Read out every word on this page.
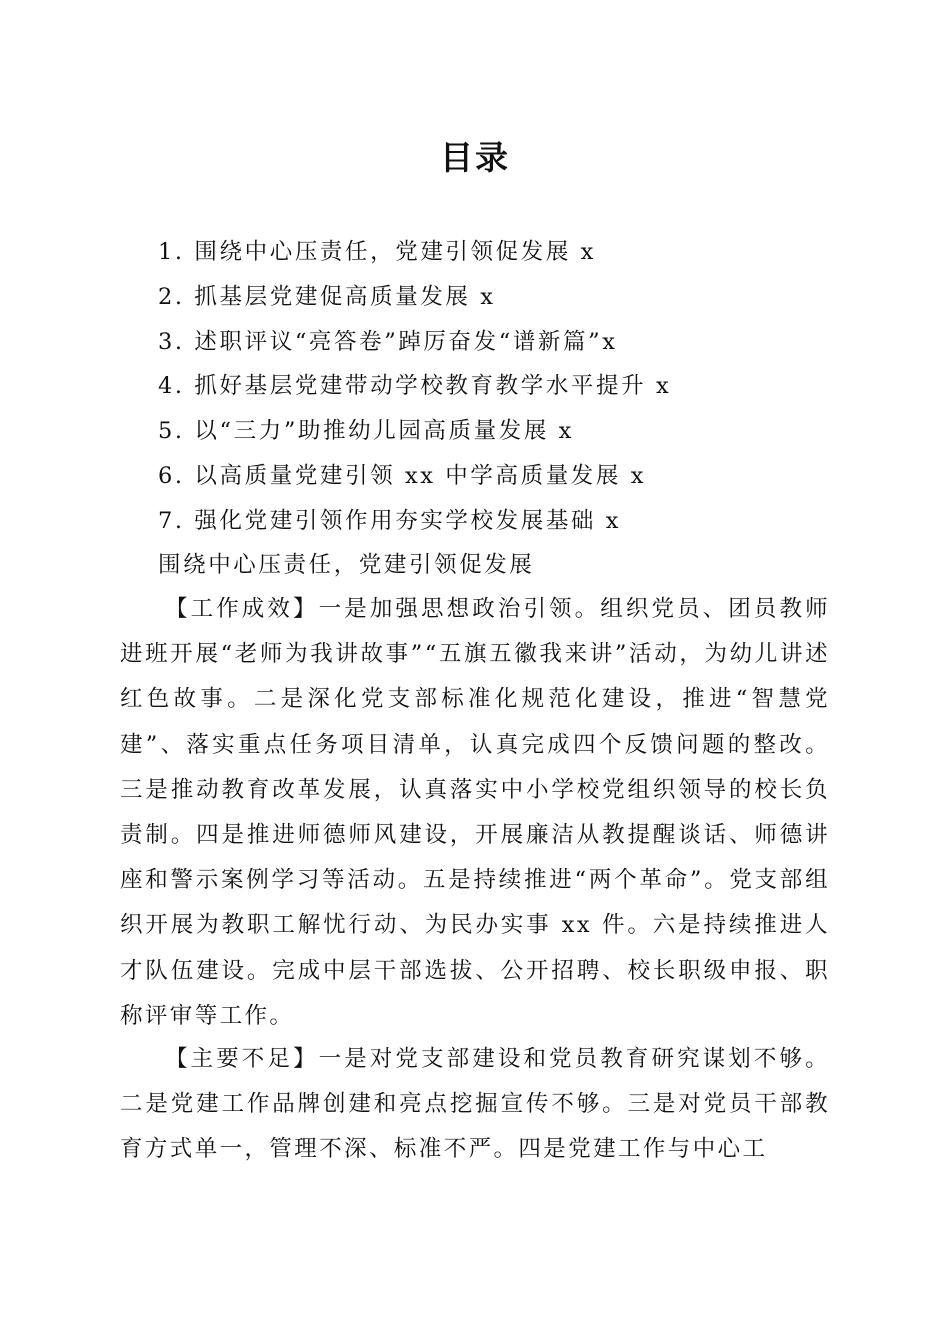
目录
1. 围绕中心压责任，党建引领促发展 x
2. 抓基层党建促高质量发展 x
3. 述职评议“亮答卷”踔厉奋发“谱新篇”x
4. 抓好基层党建带动学校教育教学水平提升 x
5. 以“三力”助推幼儿园高质量发展 x
6. 以高质量党建引领 xx 中学高质量发展 x
7. 强化党建引领作用夯实学校发展基础 x
围绕中心压责任，党建引领促发展

【工作成效】一是加强思想政治引领。组织党员、团员教师进班开展“老师为我讲故事”“五旗五徽我来讲”活动，为幼儿讲述红色故事。二是深化党支部标准化规范化建设，推进“智慧党建”、落实重点任务项目清单，认真完成四个反馈问题的整改。三是推动教育改革发展，认真落实中小学校党组织领导的校长负责制。四是推进师德师风建设，开展廉洁从教提醒谈话、师德讲座和警示案例学习等活动。五是持续推进“两个革命”。党支部组织开展为教职工解忧行动、为民办实事 xx 件。六是持续推进人才队伍建设。完成中层干部选拔、公开招聘、校长职级申报、职称评审等工作。

【主要不足】一是对党支部建设和党员教育研究谋划不够。二是党建工作品牌创建和亮点挖掘宣传不够。三是对党员干部教育方式单一，管理不深、标准不严。四是党建工作与中心工
